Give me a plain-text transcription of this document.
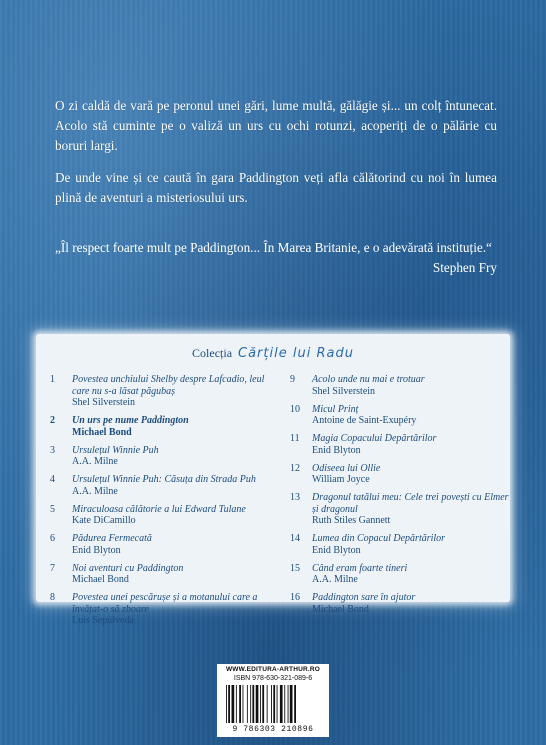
O zi caldă de vară pe peronul unei gări, lume multă, gălăgie și... un colț întunecat. Acolo stă cuminte pe o valiză un urs cu ochi rotunzi, acoperiți de o pălărie cu boruri largi.
De unde vine și ce caută în gara Paddington veți afla călătorind cu noi în lumea plină de aventuri a misteriosului urs.
„Îl respect foarte mult pe Paddington... În Marea Britanie, e o adevărată instituție.“
Stephen Fry
Colecția Cărțile lui Radu
1	Povestea unchiului Shelby despre Lafcadio, leul care nu s-a lăsat păgubaș
Shel Silverstein
2	Un urs pe nume Paddington
Michael Bond
3	Ursulețul Winnie Puh
A.A. Milne
4	Ursulețul Winnie Puh: Căsuța din Strada Puh
A.A. Milne
5	Miraculoasa călătorie a lui Edward Tulane
Kate DiCamillo
6	Pădurea Fermecată
Enid Blyton
7	Noi aventuri cu Paddington
Michael Bond
8	Povestea unei pescărușe și a motanului care a învățat-o să zboare
Luis Sepúlveda
9	Acolo unde nu mai e trotuar
Shel Silverstein
10	Micul Prinț
Antoine de Saint-Exupéry
11	Magia Copacului Depărtărilor
Enid Blyton
12	Odiseea lui Ollie
William Joyce
13	Dragonul tatălui meu: Cele trei povești cu Elmer și dragonul
Ruth Stiles Gannett
14	Lumea din Copacul Depărtărilor
Enid Blyton
15	Când eram foarte tineri
A.A. Milne
16	Paddington sare în ajutor
Michael Bond
WWW.EDITURA-ARTHUR.RO
ISBN 978-630-321-089-6
9 786303 210896
